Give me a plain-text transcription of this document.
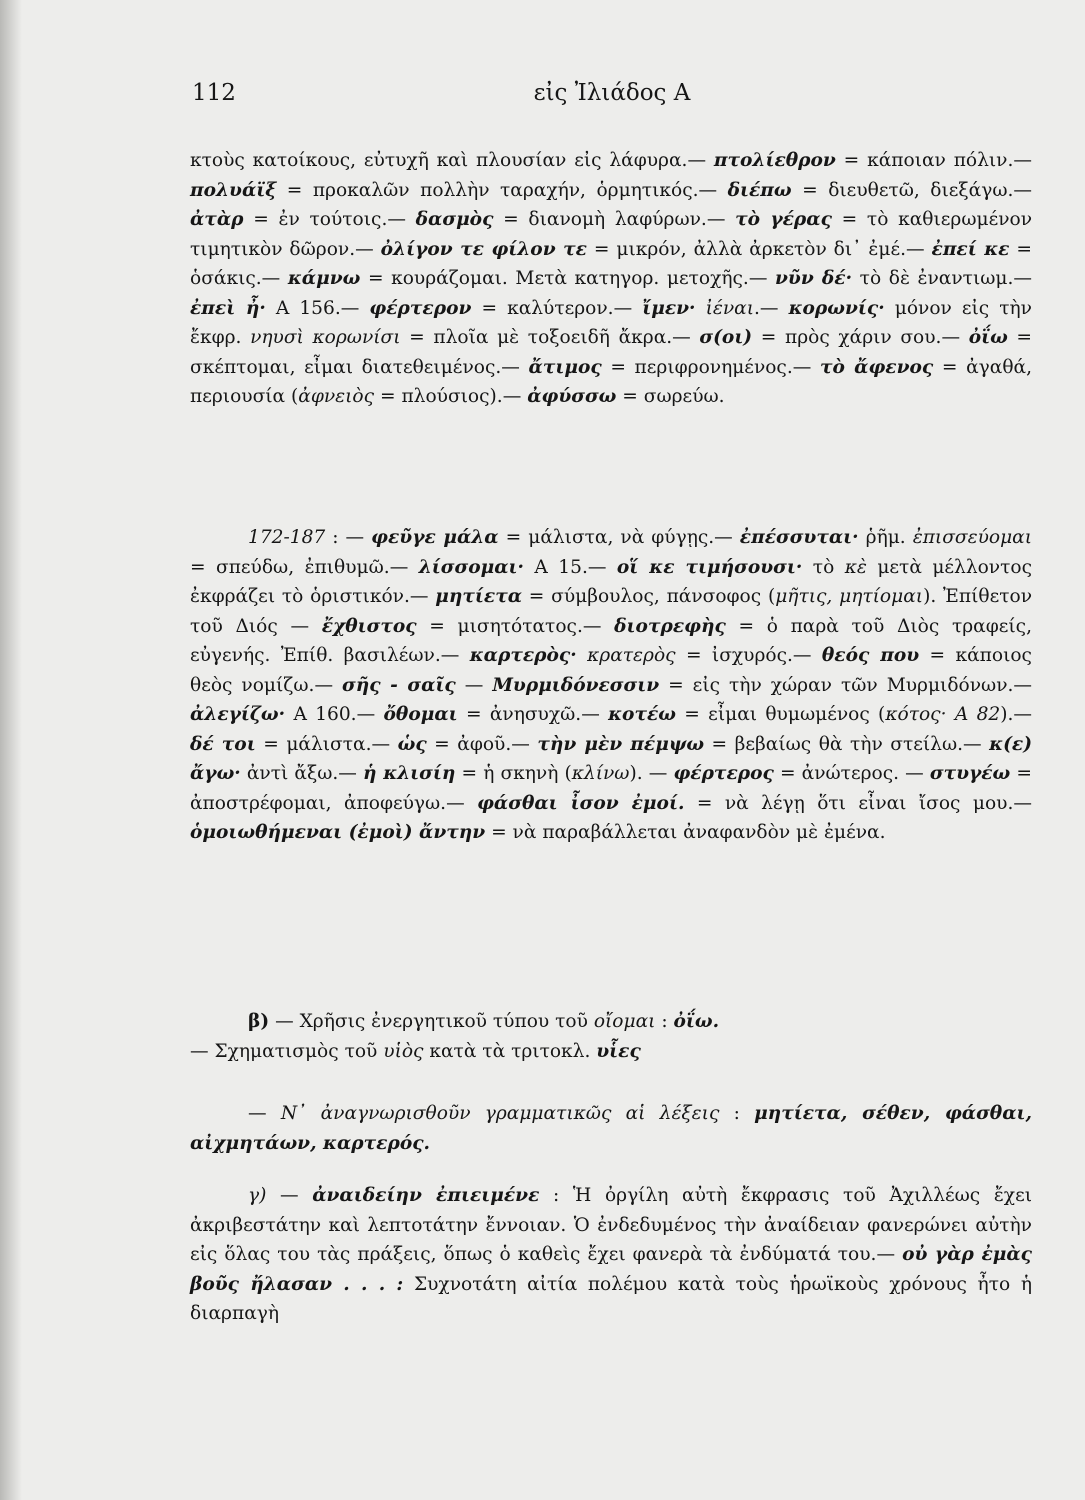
112	εἰς Ἰλιάδος Α

κτοὺς κατοίκους, εὐτυχῆ καὶ πλουσίαν εἰς λάφυρα.— πτολίεθρον = κάποιαν πόλιν.— πολυάϊξ = προκαλῶν πολλὴν ταραχήν, ὁρμητικός.— διέπω = διευθετῶ, διεξάγω.— ἀτὰρ = ἐν τούτοις.— δασμὸς = διανομὴ λαφύρων.— τὸ γέρας = τὸ καθιερωμένον τιμητικὸν δῶρον.— ὀλίγον τε φίλον τε = μικρόν, ἀλλὰ ἀρκετὸν δι᾽ ἐμέ.— ἐπεί κε = ὁσάκις.— κάμνω = κουράζομαι. Μετὰ κατηγορ. μετοχῆς.— νῦν δέ· τὸ δὲ ἐναντιωμ.— ἐπεὶ ἦ· Α 156.— φέρτερον = καλύτερον.— ἴμεν· ἰέναι.— κορωνίς· μόνον εἰς τὴν ἔκφρ. νηυσὶ κορωνίσι = πλοῖα μὲ τοξοειδῆ ἄκρα.— σ(οι) = πρὸς χάριν σου.— ὀΐω = σκέπτομαι, εἶμαι διατεθειμένος.— ἄτιμος = περιφρονημένος.— τὸ ἄφενος = ἀγαθά, περιουσία (ἀφνειὸς = πλούσιος).— ἀφύσσω = σωρεύω.

172-187 : — φεῦγε μάλα = μάλιστα, νὰ φύγῃς.— ἐπέσσυται· ῥῆμ. ἐπισσεύομαι = σπεύδω, ἐπιθυμῶ.— λίσσομαι· Α 15.— οἵ κε τιμήσουσι· τὸ κὲ μετὰ μέλλοντος ἐκφράζει τὸ ὁριστικόν.— μητίετα = σύμβουλος, πάνσοφος (μῆτις, μητίομαι). Ἐπίθετον τοῦ Διός — ἔχθιστος = μισητότατος.— διοτρεφὴς = ὁ παρὰ τοῦ Διὸς τραφείς, εὐγενής. Ἐπίθ. βασιλέων.— καρτερὸς· κρατερὸς = ἰσχυρός.— θεός που = κάποιος θεὸς νομίζω.— σῆς - σαῖς — Μυρμιδόνεσσιν = εἰς τὴν χώραν τῶν Μυρμιδόνων.— ἀλεγίζω· Α 160.— ὄθομαι = ἀνησυχῶ.— κοτέω = εἶμαι θυμωμένος (κότος· Α 82).— δέ τοι = μάλιστα.— ὡς = ἀφοῦ.— τὴν μὲν πέμψω = βεβαίως θὰ τὴν στείλω.— κ(ε) ἄγω· ἀντὶ ἄξω.— ἡ κλισίη = ἡ σκηνὴ (κλίνω). — φέρτερος = ἀνώτερος. — στυγέω = ἀποστρέφομαι, ἀποφεύγω.— φάσθαι ἶσον ἐμοί. = νὰ λέγῃ ὅτι εἶναι ἴσος μου.— ὁμοιωθήμεναι (ἐμοὶ) ἄντην = νὰ παραβάλλεται ἀναφανδὸν μὲ ἐμένα.

β) — Χρῆσις ἐνεργητικοῦ τύπου τοῦ οἴομαι : ὀΐω.
— Σχηματισμὸς τοῦ υἱὸς κατὰ τὰ τριτοκλ. υἷες

— Ν᾽ ἀναγνωρισθοῦν γραμματικῶς αἱ λέξεις : μητίετα, σέθεν, φάσθαι, αἰχμητάων, καρτερός.

γ) — ἀναιδείην ἐπιειμένε : Ἡ ὀργίλη αὐτὴ ἔκφρασις τοῦ Ἀχιλλέως ἔχει ἀκριβεστάτην καὶ λεπτοτάτην ἔννοιαν. Ὁ ἐνδεδυμένος τὴν ἀναίδειαν φανερώνει αὐτὴν εἰς ὅλας του τὰς πράξεις, ὅπως ὁ καθεὶς ἔχει φανερὰ τὰ ἐνδύματά του.— οὐ γὰρ ἐμὰς βοῦς ἤλασαν . . . : Συχνοτάτη αἰτία πολέμου κατὰ τοὺς ἡρωϊκοὺς χρόνους ἦτο ἡ διαρπαγὴ
